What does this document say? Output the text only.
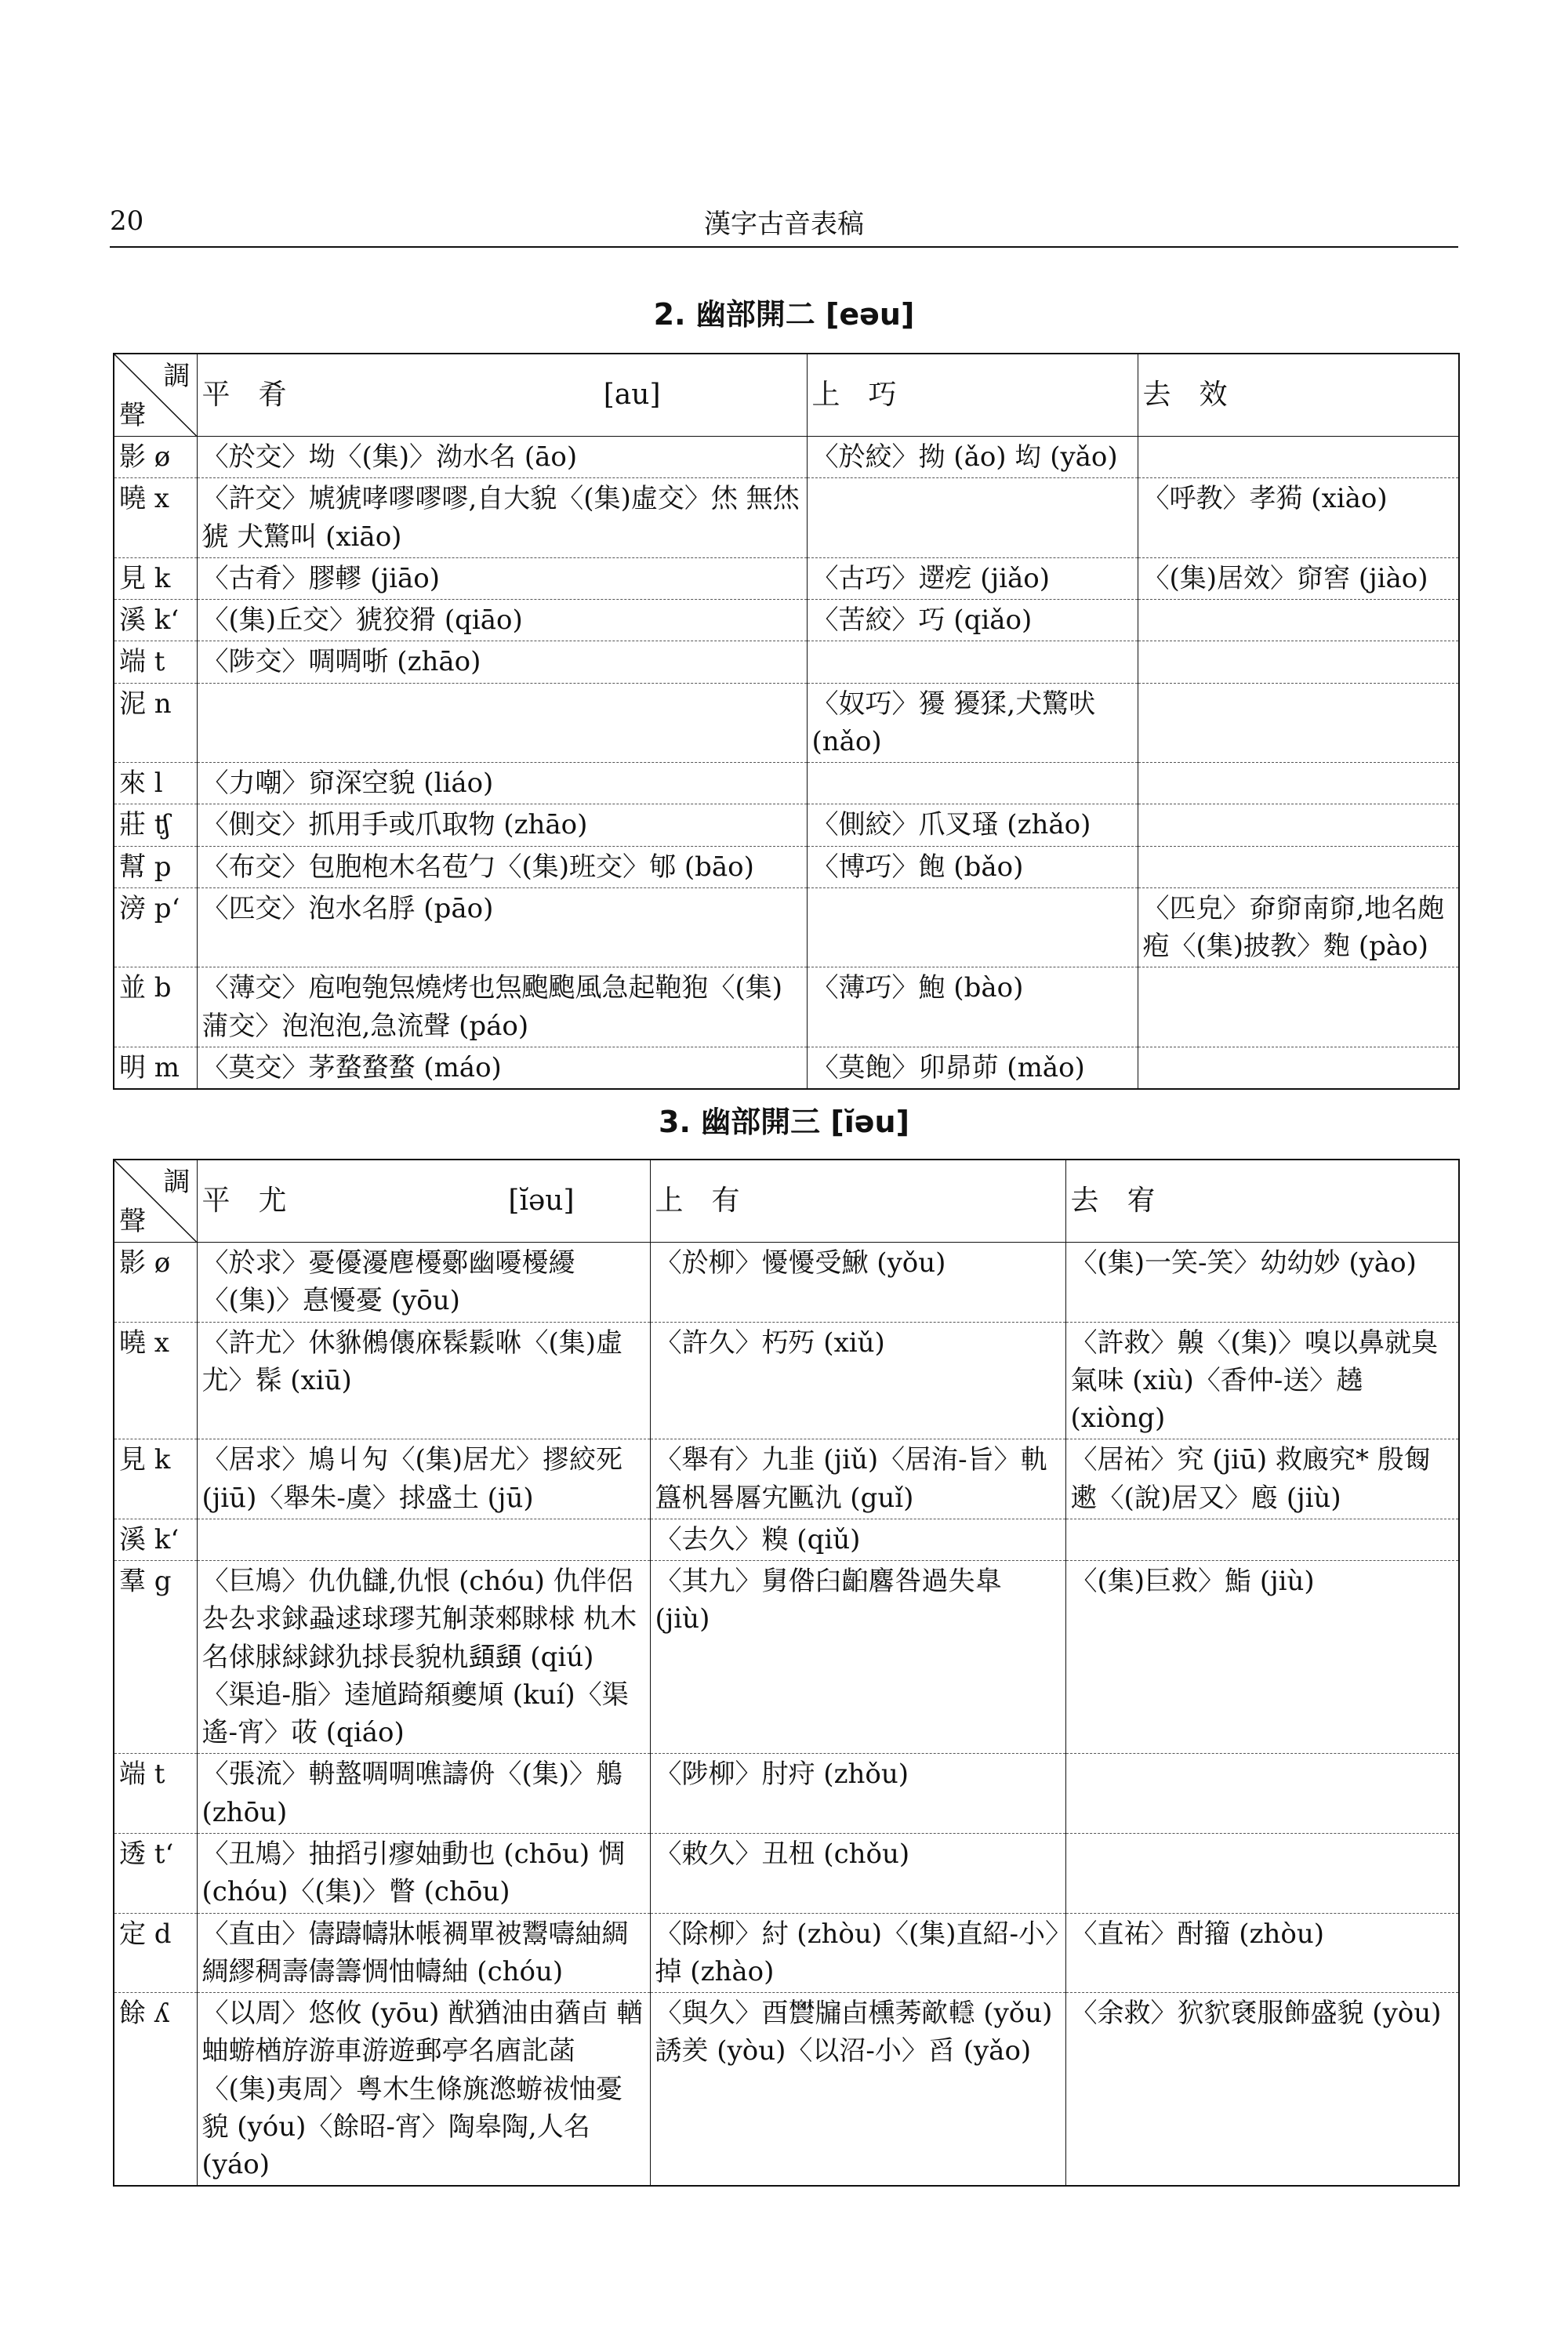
20	漢字古音表稿
2. 幽部開二 [eəu]
調
聲	平　肴 [au]	上　巧	去　效
影 ø	〈於交〉坳〈(集)〉泑水名 (āo)	〈於絞〉拗 (ǎo) 㘭 (yǎo)	
曉 x	〈許交〉虓猇哮嘐嘐嘐,自大貌〈(集)虛交〉烋 無烋 猇 犬驚叫 (xiāo)		〈呼教〉孝㺃 (xiào)
見 k	〈古肴〉膠轇 (jiāo)	〈古巧〉遻疙 (jiǎo)	〈(集)居效〉窌窖 (jiào)
溪 kʻ	〈(集)丘交〉猇狡猾 (qiāo)	〈苦絞〉巧 (qiǎo)	
端 t	〈陟交〉啁啁哳 (zhāo)		
泥 n		〈奴巧〉獶 獶猱,犬驚吠 (nǎo)	
來 l	〈力嘲〉窌深空貌 (liáo)		
莊 ʧ	〈側交〉抓用手或爪取物 (zhāo)	〈側絞〉爪叉瑵 (zhǎo)	
幫 p	〈布交〉包胞枹木名苞勹〈(集)班交〉郇 (bāo)	〈博巧〉飽 (bǎo)	
滂 pʻ	〈匹交〉泡水名脬 (pāo)		〈匹皃〉奅窌南窌,地名皰疱〈(集)披教〉麭 (pào)
並 b	〈薄交〉庖咆匏炰燒烤也炰颮颮風急起鞄狍〈(集)蒲交〉泡泡泡,急流聲 (páo)	〈薄巧〉鮑 (bào)	
明 m	〈莫交〉茅蝥蝥蝥 (máo)	〈莫飽〉卯昴茆 (mǎo)	
3. 幽部開三 [ĭəu]
調
聲	平　尤 [ĭəu]	上　有	去　宥
影 ø	〈於求〉憂優瀀麀櫌鄾幽嚘櫌纋〈(集)〉惪懮憂 (yōu)	〈於柳〉懮懮受鰍 (yǒu)	〈(集)一笑-笑〉幼幼妙 (yào)
曉 x	〈許尤〉休貅鵂㒟庥髹鬏咻〈(集)虛尤〉髹 (xiū)	〈許久〉朽㱙 (xiǔ)	〈許救〉齅〈(集)〉嗅以鼻就臭 氣味 (xiù)〈香仲-送〉趬 (xiòng)
見 k	〈居求〉鳩丩勼〈(集)居尤〉摎絞死 (jiū)〈舉朱-虞〉捄盛土 (jū)	〈舉有〉九韭 (jiǔ)〈居洧-旨〉軌簋杋晷厬宄匭氿 (guǐ)	〈居祐〉究 (jiū) 救廄究* 殷匓 遬〈(說)居又〉廏 (jiù)
溪 kʻ		〈去久〉糗 (qiǔ)	
羣 g	〈巨鳩〉仇仇讎,仇恨 (chóu) 仇伴侶 厹厹求銶蝨逑球璆艽觓莍郲賕梂 朹木名俅脙絿銶犰捄長貌朹𩓣𩓣 (qiú)〈渠追-脂〉逵馗踦頯夔頄 (kuí)〈渠遙-宵〉荍 (qiáo)	〈其九〉舅倃臼齨麔咎過失臯 (jiù)	〈(集)巨救〉鮨 (jiù)
端 t	〈張流〉輈盩啁啁噍譸侜〈(集)〉鵃 (zhōu)	〈陟柳〉肘疛 (zhǒu)	
透 tʻ	〈丑鳩〉抽搯引瘳妯動也 (chōu) 惆 (chóu)〈(集)〉瞥 (chōu)	〈敕久〉丑杻 (chǒu)	
定 d	〈直由〉儔躊幬牀帳裯單被鬻嚋紬綢 綢繆稠壽儔籌惆怞幬紬 (chóu)	〈除柳〉紂 (zhòu)〈(集)直紹-小〉掉 (zhào)	〈直祐〉酎籀 (zhòu)
餘 ʎ	〈以周〉悠攸 (yōu) 猷猶油由蕕卣 輶蚰蝣楢斿游車游遊郵亭名庮䚰菡〈(集)夷周〉粤木生條旐滺蝣祓怞憂 貌 (yóu)〈餘昭-宵〉陶皋陶,人名 (yáo)	〈與久〉酉𨑋牖卣櫄莠歒𨏈 (yǒu) 誘羑 (yòu)〈以沼-小〉舀 (yǎo)	〈余救〉狖貁褎服飾盛貌 (yòu)
